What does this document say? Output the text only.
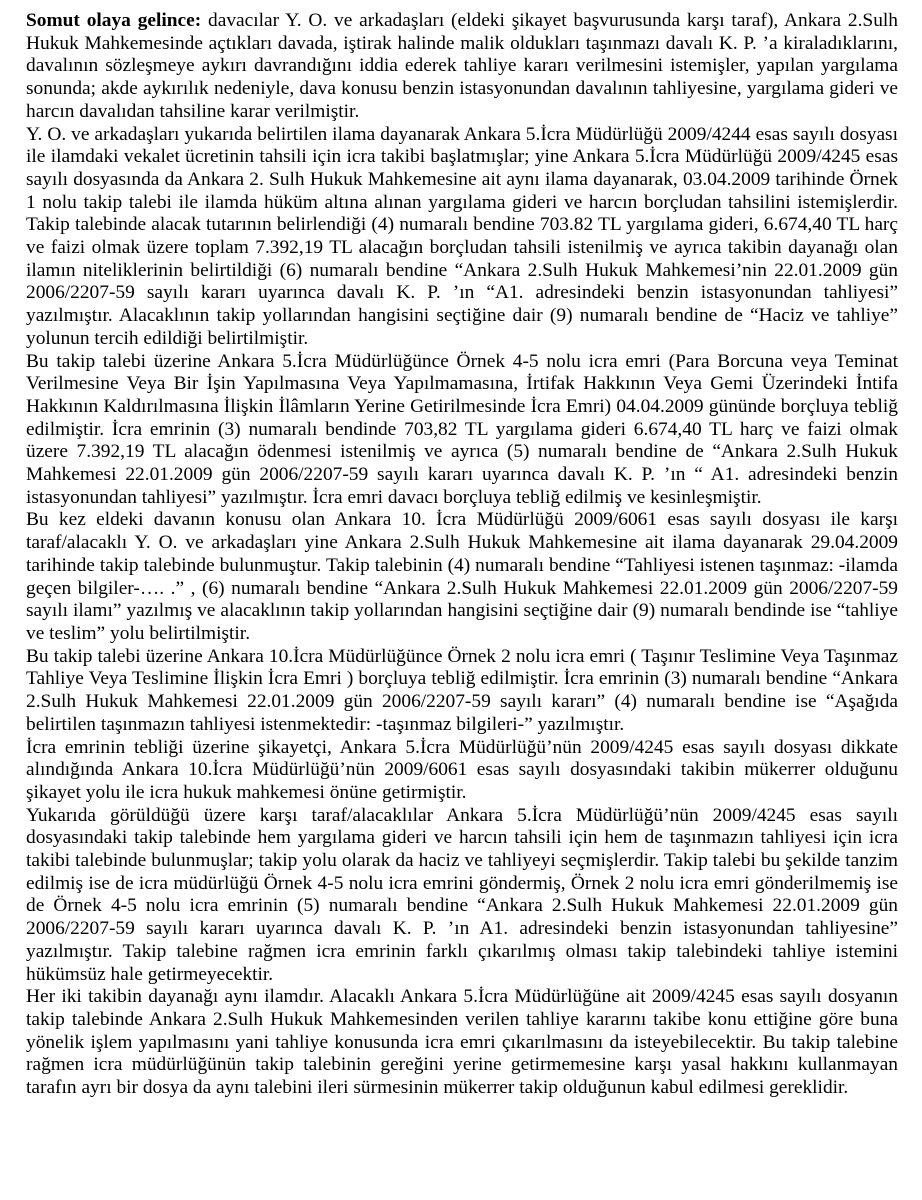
Somut olaya gelince: davacılar Y. O. ve arkadaşları (eldeki şikayet başvurusunda karşı taraf), Ankara 2.Sulh Hukuk Mahkemesinde açtıkları davada, iştirak halinde malik oldukları taşınmazı davalı K. P. ’a kiraladıklarını, davalının sözleşmeye aykırı davrandığını iddia ederek tahliye kararı verilmesini istemişler, yapılan yargılama sonunda; akde aykırılık nedeniyle, dava konusu benzin istasyonundan davalının tahliyesine, yargılama gideri ve harcın davalıdan tahsiline karar verilmiştir.

Y. O. ve arkadaşları yukarıda belirtilen ilama dayanarak Ankara 5.İcra Müdürlüğü 2009/4244 esas sayılı dosyası ile ilamdaki vekalet ücretinin tahsili için icra takibi başlatmışlar; yine Ankara 5.İcra Müdürlüğü 2009/4245 esas sayılı dosyasında da Ankara 2. Sulh Hukuk Mahkemesine ait aynı ilama dayanarak, 03.04.2009 tarihinde Örnek 1 nolu takip talebi ile ilamda hüküm altına alınan yargılama gideri ve harcın borçludan tahsilini istemişlerdir. Takip talebinde alacak tutarının belirlendiği (4) numaralı bendine 703.82 TL yargılama gideri, 6.674,40 TL harç ve faizi olmak üzere toplam 7.392,19 TL alacağın borçludan tahsili istenilmiş ve ayrıca takibin dayanağı olan ilamın niteliklerinin belirtildiği (6) numaralı bendine “Ankara 2.Sulh Hukuk Mahkemesi’nin 22.01.2009 gün 2006/2207-59 sayılı kararı uyarınca davalı K. P. ’ın “A1. adresindeki benzin istasyonundan tahliyesi” yazılmıştır. Alacaklının takip yollarından hangisini seçtiğine dair (9) numaralı bendine de “Haciz ve tahliye” yolunun tercih edildiği belirtilmiştir.

Bu takip talebi üzerine Ankara 5.İcra Müdürlüğünce Örnek 4-5 nolu icra emri (Para Borcuna veya Teminat Verilmesine Veya Bir İşin Yapılmasına Veya Yapılmamasına, İrtifak Hakkının Veya Gemi Üzerindeki İntifa Hakkının Kaldırılmasına İlişkin İlâmların Yerine Getirilmesinde İcra Emri) 04.04.2009 gününde borçluya tebliğ edilmiştir. İcra emrinin (3) numaralı bendinde 703,82 TL yargılama gideri 6.674,40 TL harç ve faizi olmak üzere 7.392,19 TL alacağın ödenmesi istenilmiş ve ayrıca (5) numaralı bendine de “Ankara 2.Sulh Hukuk Mahkemesi 22.01.2009 gün 2006/2207-59 sayılı kararı uyarınca davalı K. P. ’ın “ A1. adresindeki benzin istasyonundan tahliyesi” yazılmıştır. İcra emri davacı borçluya tebliğ edilmiş ve kesinleşmiştir.

Bu kez eldeki davanın konusu olan Ankara 10. İcra Müdürlüğü 2009/6061 esas sayılı dosyası ile karşı taraf/alacaklı Y. O. ve arkadaşları yine Ankara 2.Sulh Hukuk Mahkemesine ait ilama dayanarak 29.04.2009 tarihinde takip talebinde bulunmuştur. Takip talebinin (4) numaralı bendine “Tahliyesi istenen taşınmaz: -ilamda geçen bilgiler-…. .” , (6) numaralı bendine “Ankara 2.Sulh Hukuk Mahkemesi 22.01.2009 gün 2006/2207-59 sayılı ilamı” yazılmış ve alacaklının takip yollarından hangisini seçtiğine dair (9) numaralı bendinde ise “tahliye ve teslim” yolu belirtilmiştir.

Bu takip talebi üzerine Ankara 10.İcra Müdürlüğünce Örnek 2 nolu icra emri ( Taşınır Teslimine Veya Taşınmaz Tahliye Veya Teslimine İlişkin İcra Emri ) borçluya tebliğ edilmiştir. İcra emrinin (3) numaralı bendine “Ankara 2.Sulh Hukuk Mahkemesi 22.01.2009 gün 2006/2207-59 sayılı kararı” (4) numaralı bendine ise “Aşağıda belirtilen taşınmazın tahliyesi istenmektedir: -taşınmaz bilgileri-” yazılmıştır.

İcra emrinin tebliği üzerine şikayetçi, Ankara 5.İcra Müdürlüğü’nün 2009/4245 esas sayılı dosyası dikkate alındığında Ankara 10.İcra Müdürlüğü’nün 2009/6061 esas sayılı dosyasındaki takibin mükerrer olduğunu şikayet yolu ile icra hukuk mahkemesi önüne getirmiştir.

Yukarıda görüldüğü üzere karşı taraf/alacaklılar Ankara 5.İcra Müdürlüğü’nün 2009/4245 esas sayılı dosyasındaki takip talebinde hem yargılama gideri ve harcın tahsili için hem de taşınmazın tahliyesi için icra takibi talebinde bulunmuşlar; takip yolu olarak da haciz ve tahliyeyi seçmişlerdir. Takip talebi bu şekilde tanzim edilmiş ise de icra müdürlüğü Örnek 4-5 nolu icra emrini göndermiş, Örnek 2 nolu icra emri gönderilmemiş ise de Örnek 4-5 nolu icra emrinin (5) numaralı bendine “Ankara 2.Sulh Hukuk Mahkemesi 22.01.2009 gün 2006/2207-59 sayılı kararı uyarınca davalı K. P. ’ın A1. adresindeki benzin istasyonundan tahliyesine” yazılmıştır. Takip talebine rağmen icra emrinin farklı çıkarılmış olması takip talebindeki tahliye istemini hükümsüz hale getirmeyecektir.

Her iki takibin dayanağı aynı ilamdır. Alacaklı Ankara 5.İcra Müdürlüğüne ait 2009/4245 esas sayılı dosyanın takip talebinde Ankara 2.Sulh Hukuk Mahkemesinden verilen tahliye kararını takibe konu ettiğine göre buna yönelik işlem yapılmasını yani tahliye konusunda icra emri çıkarılmasını da isteyebilecektir. Bu takip talebine rağmen icra müdürlüğünün takip talebinin gereğini yerine getirmemesine karşı yasal hakkını kullanmayan tarafın ayrı bir dosya da aynı talebini ileri sürmesinin mükerrer takip olduğunun kabul edilmesi gereklidir.
